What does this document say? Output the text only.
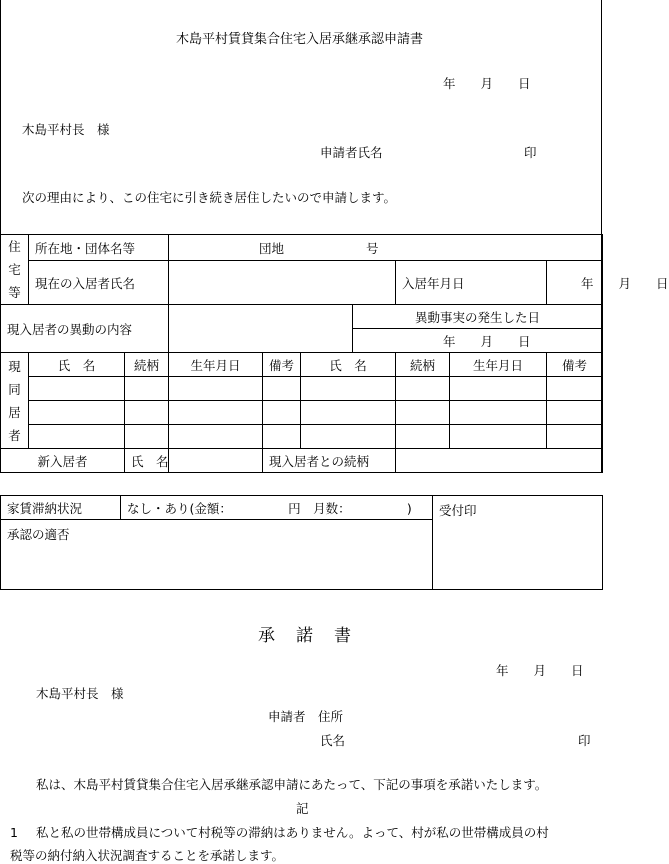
木島平村賃貸集合住宅入居承継承認申請書
年　　月　　日
木島平村長　様
申請者氏名	印
次の理由により、この住宅に引き続き居住したいので申請します。
住
宅
等	所在地・団体名等		団地 号						
	現在の入居者氏名						入居年月日		年　　月　　日
現入居者の異動の内容						異動事実の発生した日			
						年　　月　　日			

現
同
居
者	氏　名	続柄	生年月日	備考	氏　名		続柄	生年月日	備考

新入居者		氏　名		現入居者との続柄					
家賃滞納状況	なし・あり(金額：　　　　　円　月数：　　　　　)	受付印
承認の適否
承　諾　書
年　　月　　日
木島平村長　様
申請者　住所
氏名	印
私は、木島平村賃貸集合住宅入居承継承認申請にあたって、下記の事項を承諾いたします。
記
1 私と私の世帯構成員について村税等の滞納はありません。よって、村が私の世帯構成員の村
税等の納付納入状況調査することを承諾します。
